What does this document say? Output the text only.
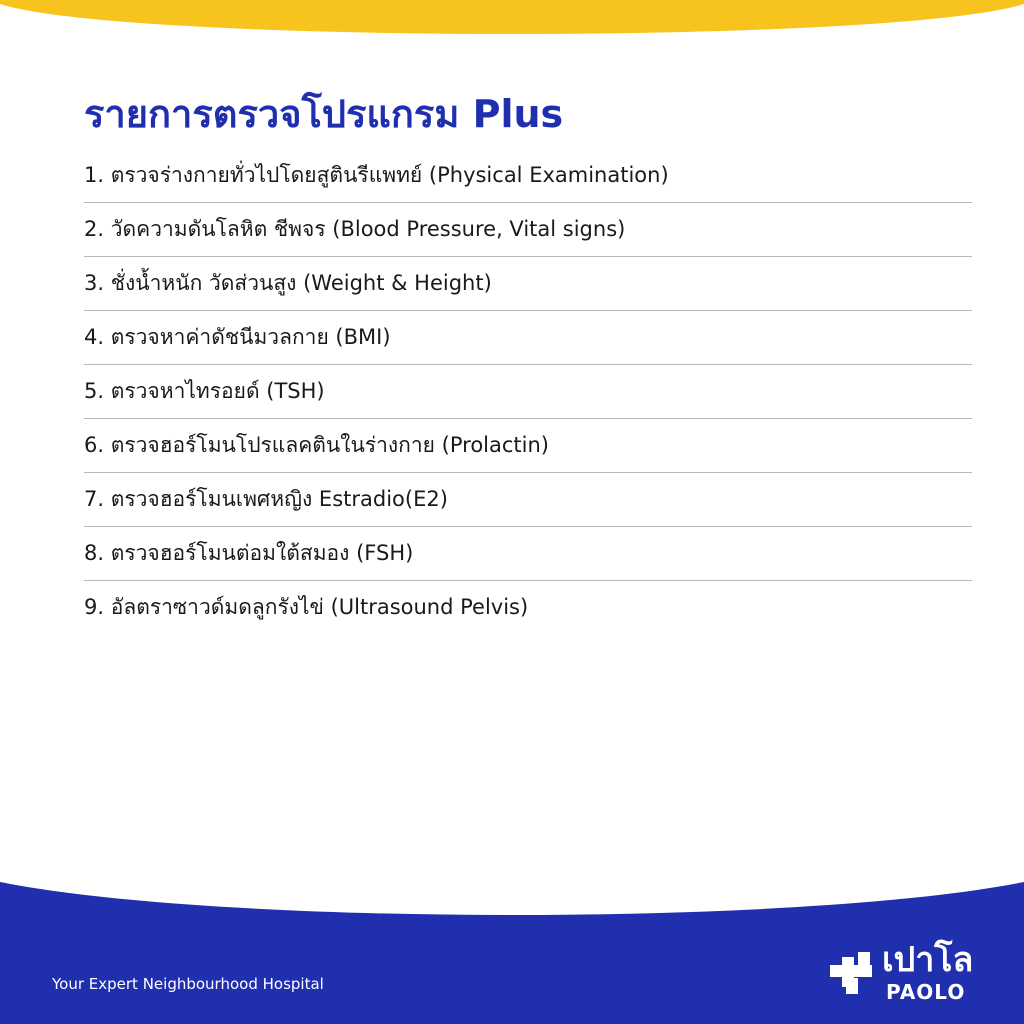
รายการตรวจโปรแกรม Plus
1. ตรวจร่างกายทั่วไปโดยสูตินรีแพทย์ (Physical Examination)
2. วัดความดันโลหิต ชีพจร (Blood Pressure, Vital signs)
3. ชั่งน้ำหนัก วัดส่วนสูง (Weight & Height)
4. ตรวจหาค่าดัชนีมวลกาย (BMI)
5. ตรวจหาไทรอยด์ (TSH)
6. ตรวจฮอร์โมนโปรแลคตินในร่างกาย (Prolactin)
7. ตรวจฮอร์โมนเพศหญิง Estradio(E2)
8. ตรวจฮอร์โมนต่อมใต้สมอง (FSH)
9. อัลตราซาวด์มดลูกรังไข่ (Ultrasound Pelvis)
Your Expert Neighbourhood Hospital
เปาโล
PAOLO
